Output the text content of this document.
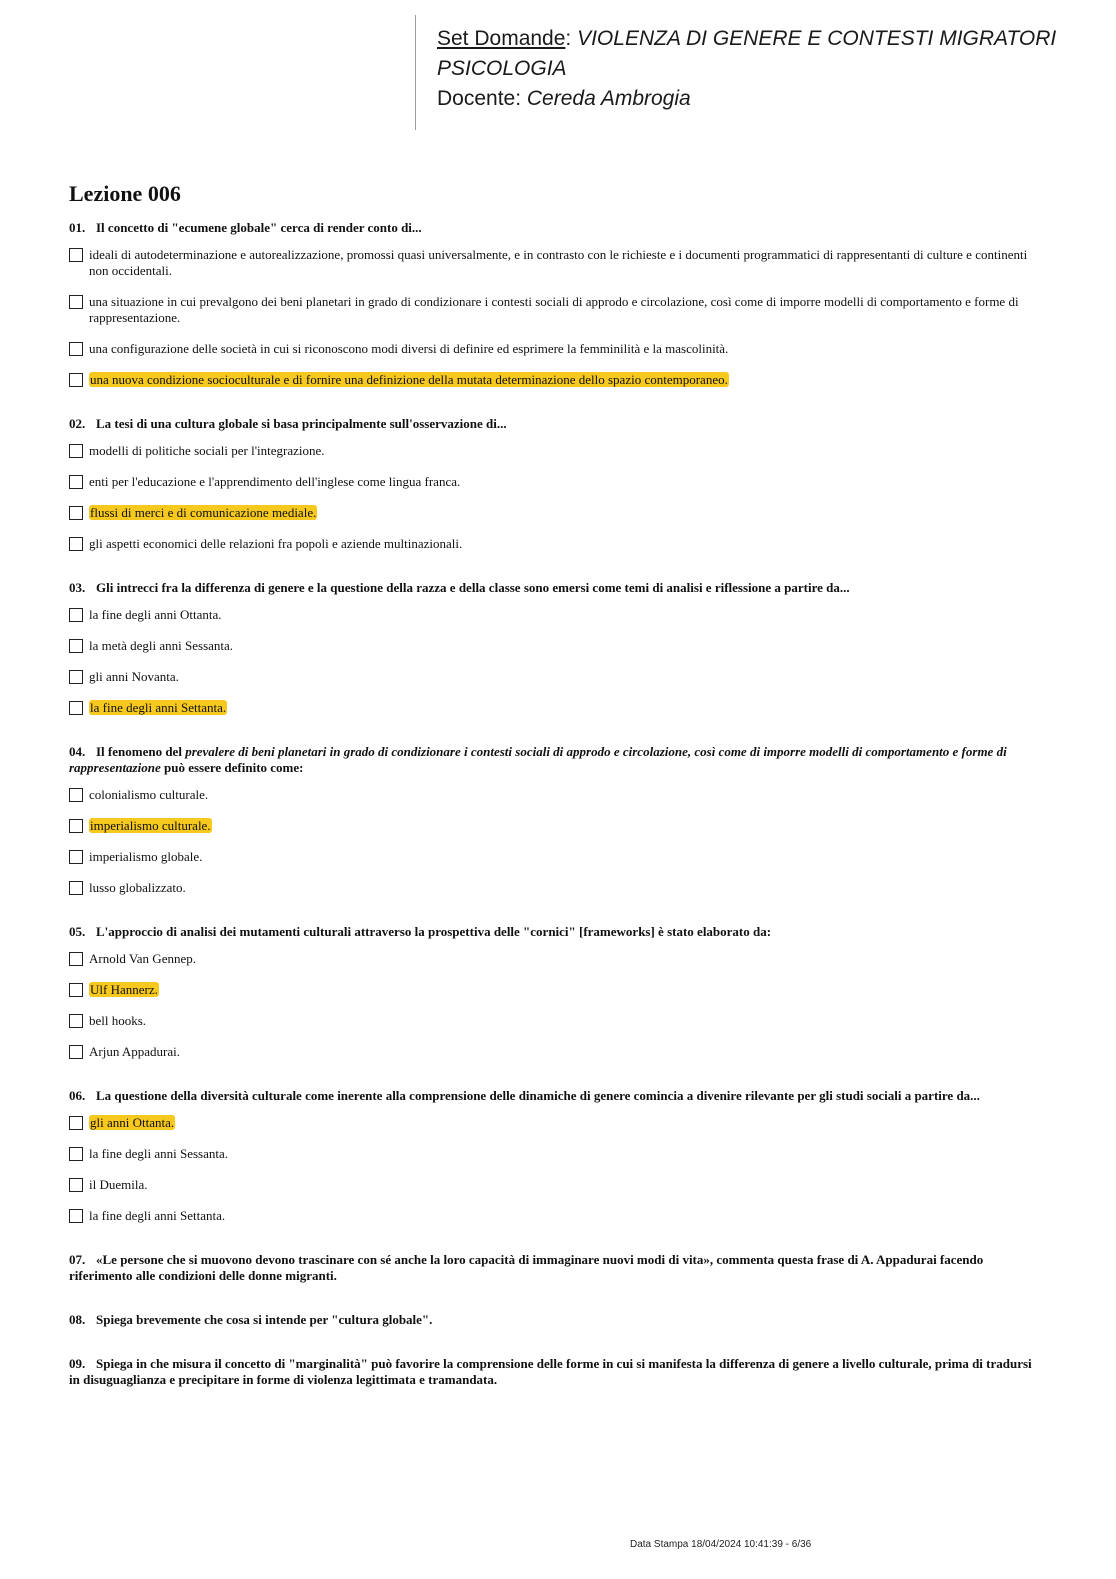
Set Domande: VIOLENZA DI GENERE E CONTESTI MIGRATORI PSICOLOGIA
Docente: Cereda Ambrogia
Lezione 006
01. Il concetto di "ecumene globale" cerca di render conto di...
ideali di autodeterminazione e autorealizzazione, promossi quasi universalmente, e in contrasto con le richieste e i documenti programmatici di rappresentanti di culture e continenti non occidentali.
una situazione in cui prevalgono dei beni planetari in grado di condizionare i contesti sociali di approdo e circolazione, così come di imporre modelli di comportamento e forme di rappresentazione.
una configurazione delle società in cui si riconoscono modi diversi di definire ed esprimere la femminilità e la mascolinità.
una nuova condizione socioculturale e di fornire una definizione della mutata determinazione dello spazio contemporaneo.
02. La tesi di una cultura globale si basa principalmente sull'osservazione di...
modelli di politiche sociali per l'integrazione.
enti per l'educazione e l'apprendimento dell'inglese come lingua franca.
flussi di merci e di comunicazione mediale.
gli aspetti economici delle relazioni fra popoli e aziende multinazionali.
03. Gli intrecci fra la differenza di genere e la questione della razza e della classe sono emersi come temi di analisi e riflessione a partire da...
la fine degli anni Ottanta.
la metà degli anni Sessanta.
gli anni Novanta.
la fine degli anni Settanta.
04. Il fenomeno del prevalere di beni planetari in grado di condizionare i contesti sociali di approdo e circolazione, così come di imporre modelli di comportamento e forme di rappresentazione può essere definito come:
colonialismo culturale.
imperialismo culturale.
imperialismo globale.
lusso globalizzato.
05. L'approccio di analisi dei mutamenti culturali attraverso la prospettiva delle "cornici" [frameworks] è stato elaborato da:
Arnold Van Gennep.
Ulf Hannerz.
bell hooks.
Arjun Appadurai.
06. La questione della diversità culturale come inerente alla comprensione delle dinamiche di genere comincia a divenire rilevante per gli studi sociali a partire da...
gli anni Ottanta.
la fine degli anni Sessanta.
il Duemila.
la fine degli anni Settanta.
07. «Le persone che si muovono devono trascinare con sé anche la loro capacità di immaginare nuovi modi di vita», commenta questa frase di A. Appadurai facendo riferimento alle condizioni delle donne migranti.
08. Spiega brevemente che cosa si intende per "cultura globale".
09. Spiega in che misura il concetto di "marginalità" può favorire la comprensione delle forme in cui si manifesta la differenza di genere a livello culturale, prima di tradursi in disuguaglianza e precipitare in forme di violenza legittimata e tramandata.
Data Stampa 18/04/2024 10:41:39 - 6/36
